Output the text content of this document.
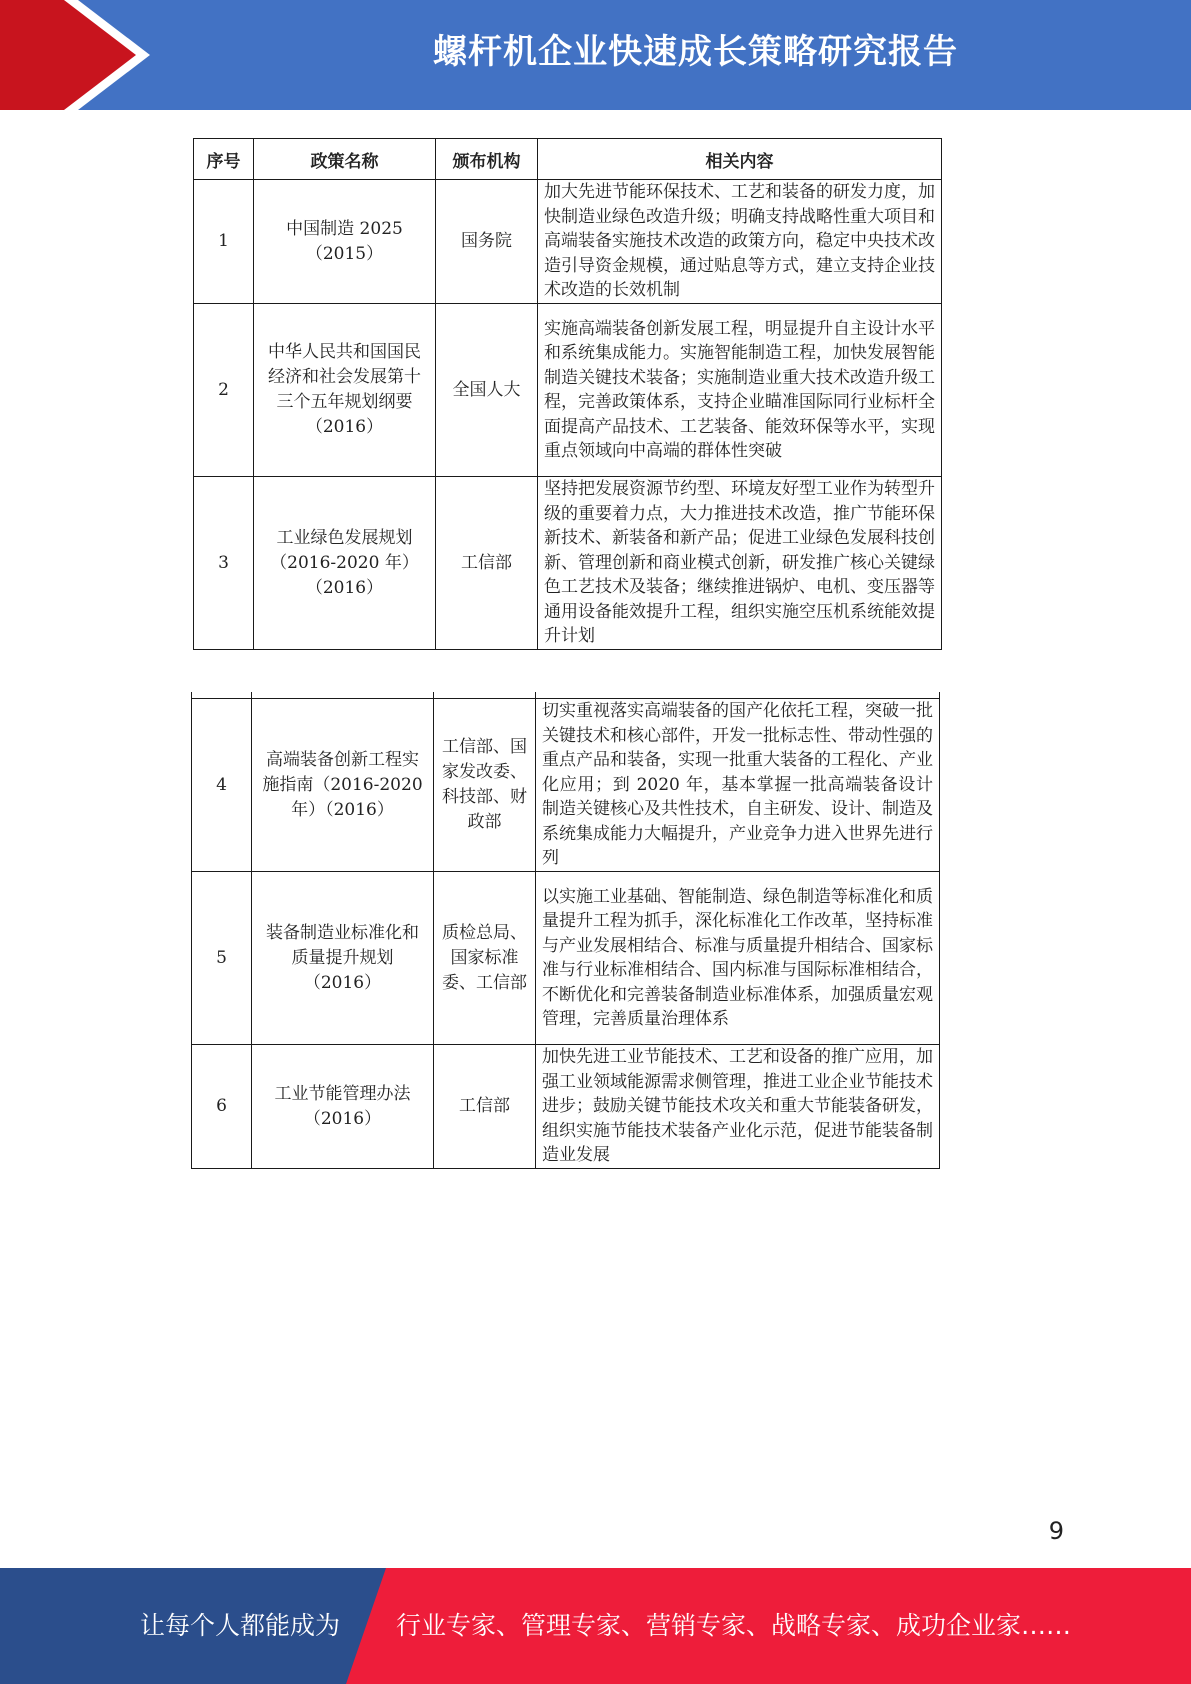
螺杆机企业快速成长策略研究报告
序号	政策名称	颁布机构	相关内容
1	中国制造 2025（2015）	国务院	加大先进节能环保技术、工艺和装备的研发力度，加快制造业绿色改造升级；明确支持战略性重大项目和高端装备实施技术改造的政策方向，稳定中央技术改造引导资金规模，通过贴息等方式，建立支持企业技术改造的长效机制
2	中华人民共和国国民经济和社会发展第十三个五年规划纲要（2016）	全国人大	实施高端装备创新发展工程，明显提升自主设计水平和系统集成能力。实施智能制造工程，加快发展智能制造关键技术装备；实施制造业重大技术改造升级工程，完善政策体系，支持企业瞄准国际同行业标杆全面提高产品技术、工艺装备、能效环保等水平，实现重点领域向中高端的群体性突破
3	工业绿色发展规划（2016-2020 年）（2016）	工信部	坚持把发展资源节约型、环境友好型工业作为转型升级的重要着力点，大力推进技术改造，推广节能环保新技术、新装备和新产品；促进工业绿色发展科技创新、管理创新和商业模式创新，研发推广核心关键绿色工艺技术及装备；继续推进锅炉、电机、变压器等通用设备能效提升工程，组织实施空压机系统能效提升计划

4	高端装备创新工程实施指南（2016-2020 年）（2016）	工信部、国家发改委、科技部、财政部	切实重视落实高端装备的国产化依托工程，突破一批关键技术和核心部件，开发一批标志性、带动性强的重点产品和装备，实现一批重大装备的工程化、产业化应用；到 2020 年，基本掌握一批高端装备设计制造关键核心及共性技术，自主研发、设计、制造及系统集成能力大幅提升，产业竞争力进入世界先进行列
5	装备制造业标准化和质量提升规划（2016）	质检总局、国家标准委、工信部	以实施工业基础、智能制造、绿色制造等标准化和质量提升工程为抓手，深化标准化工作改革，坚持标准与产业发展相结合、标准与质量提升相结合、国家标准与行业标准相结合、国内标准与国际标准相结合，不断优化和完善装备制造业标准体系，加强质量宏观管理，完善质量治理体系
6	工业节能管理办法（2016）	工信部	加快先进工业节能技术、工艺和设备的推广应用，加强工业领域能源需求侧管理，推进工业企业节能技术进步；鼓励关键节能技术攻关和重大节能装备研发，组织实施节能技术装备产业化示范，促进节能装备制造业发展
9
让每个人都能成为 行业专家、管理专家、营销专家、战略专家、成功企业家……
